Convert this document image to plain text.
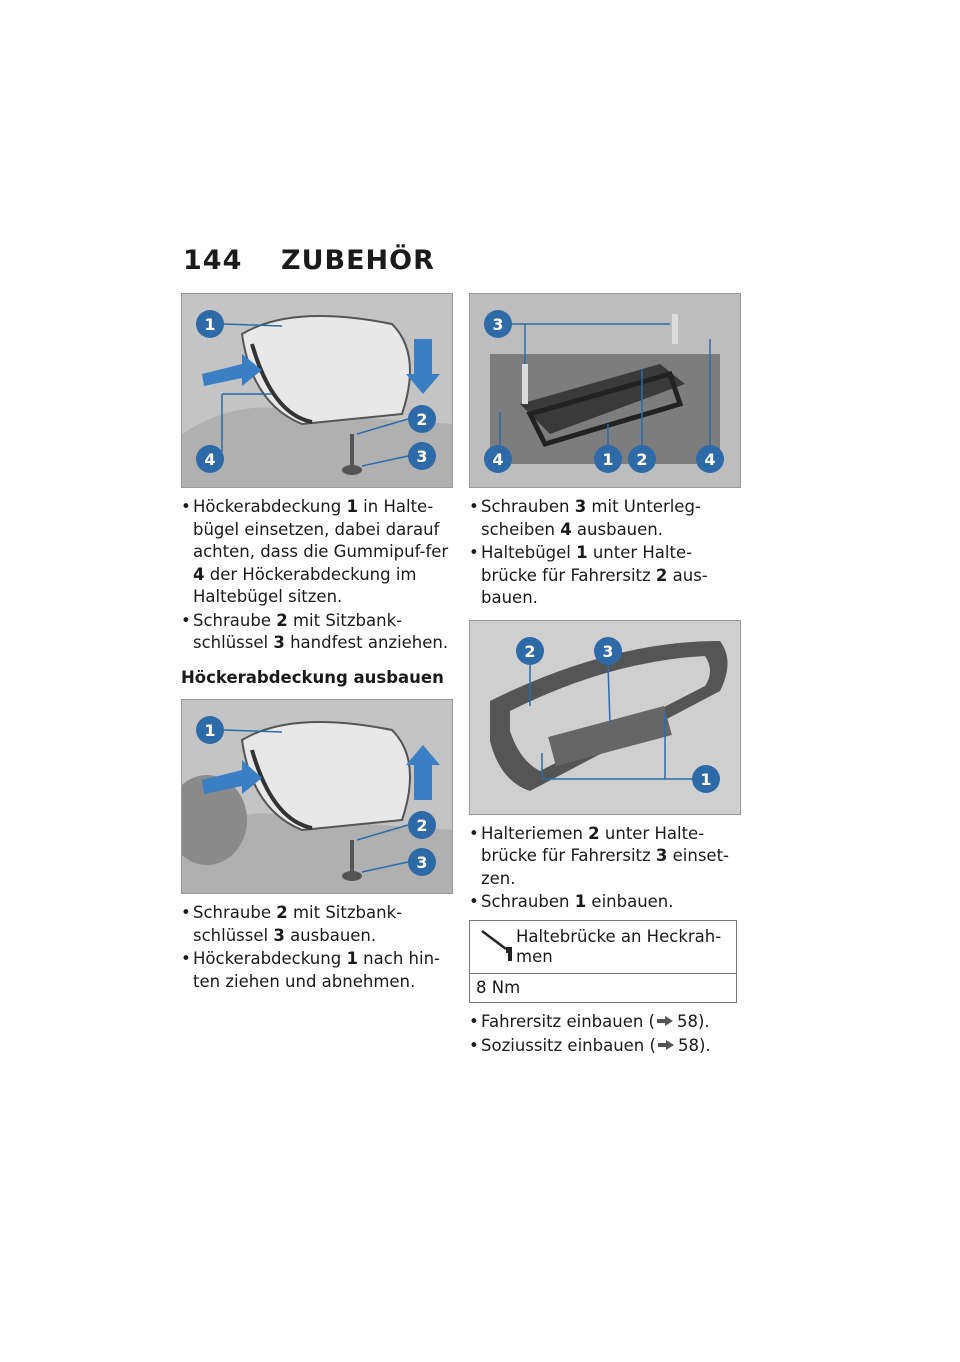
144 ZUBEHÖR
1
2
3
4
• Höckerabdeckung 1 in Halte-bügel einsetzen, dabei darauf achten, dass die Gummipuf-fer 4 der Höckerabdeckung im Haltebügel sitzen.
• Schraube 2 mit Sitzbank-schlüssel 3 handfest anziehen.
Höckerabdeckung ausbauen
1
2
3
• Schraube 2 mit Sitzbank-schlüssel 3 ausbauen.
• Höckerabdeckung 1 nach hin-ten ziehen und abnehmen.
3
4	1 2	4
• Schrauben 3 mit Unterleg-scheiben 4 ausbauen.
• Haltebügel 1 unter Halte-brücke für Fahrersitz 2 aus-bauen.
2	3
1
• Halteriemen 2 unter Halte-brücke für Fahrersitz 3 einset-zen.
• Schrauben 1 einbauen.
Haltebrücke an Heckrah-men
8 Nm
• Fahrersitz einbauen ( 58).
• Soziussitz einbauen ( 58).
